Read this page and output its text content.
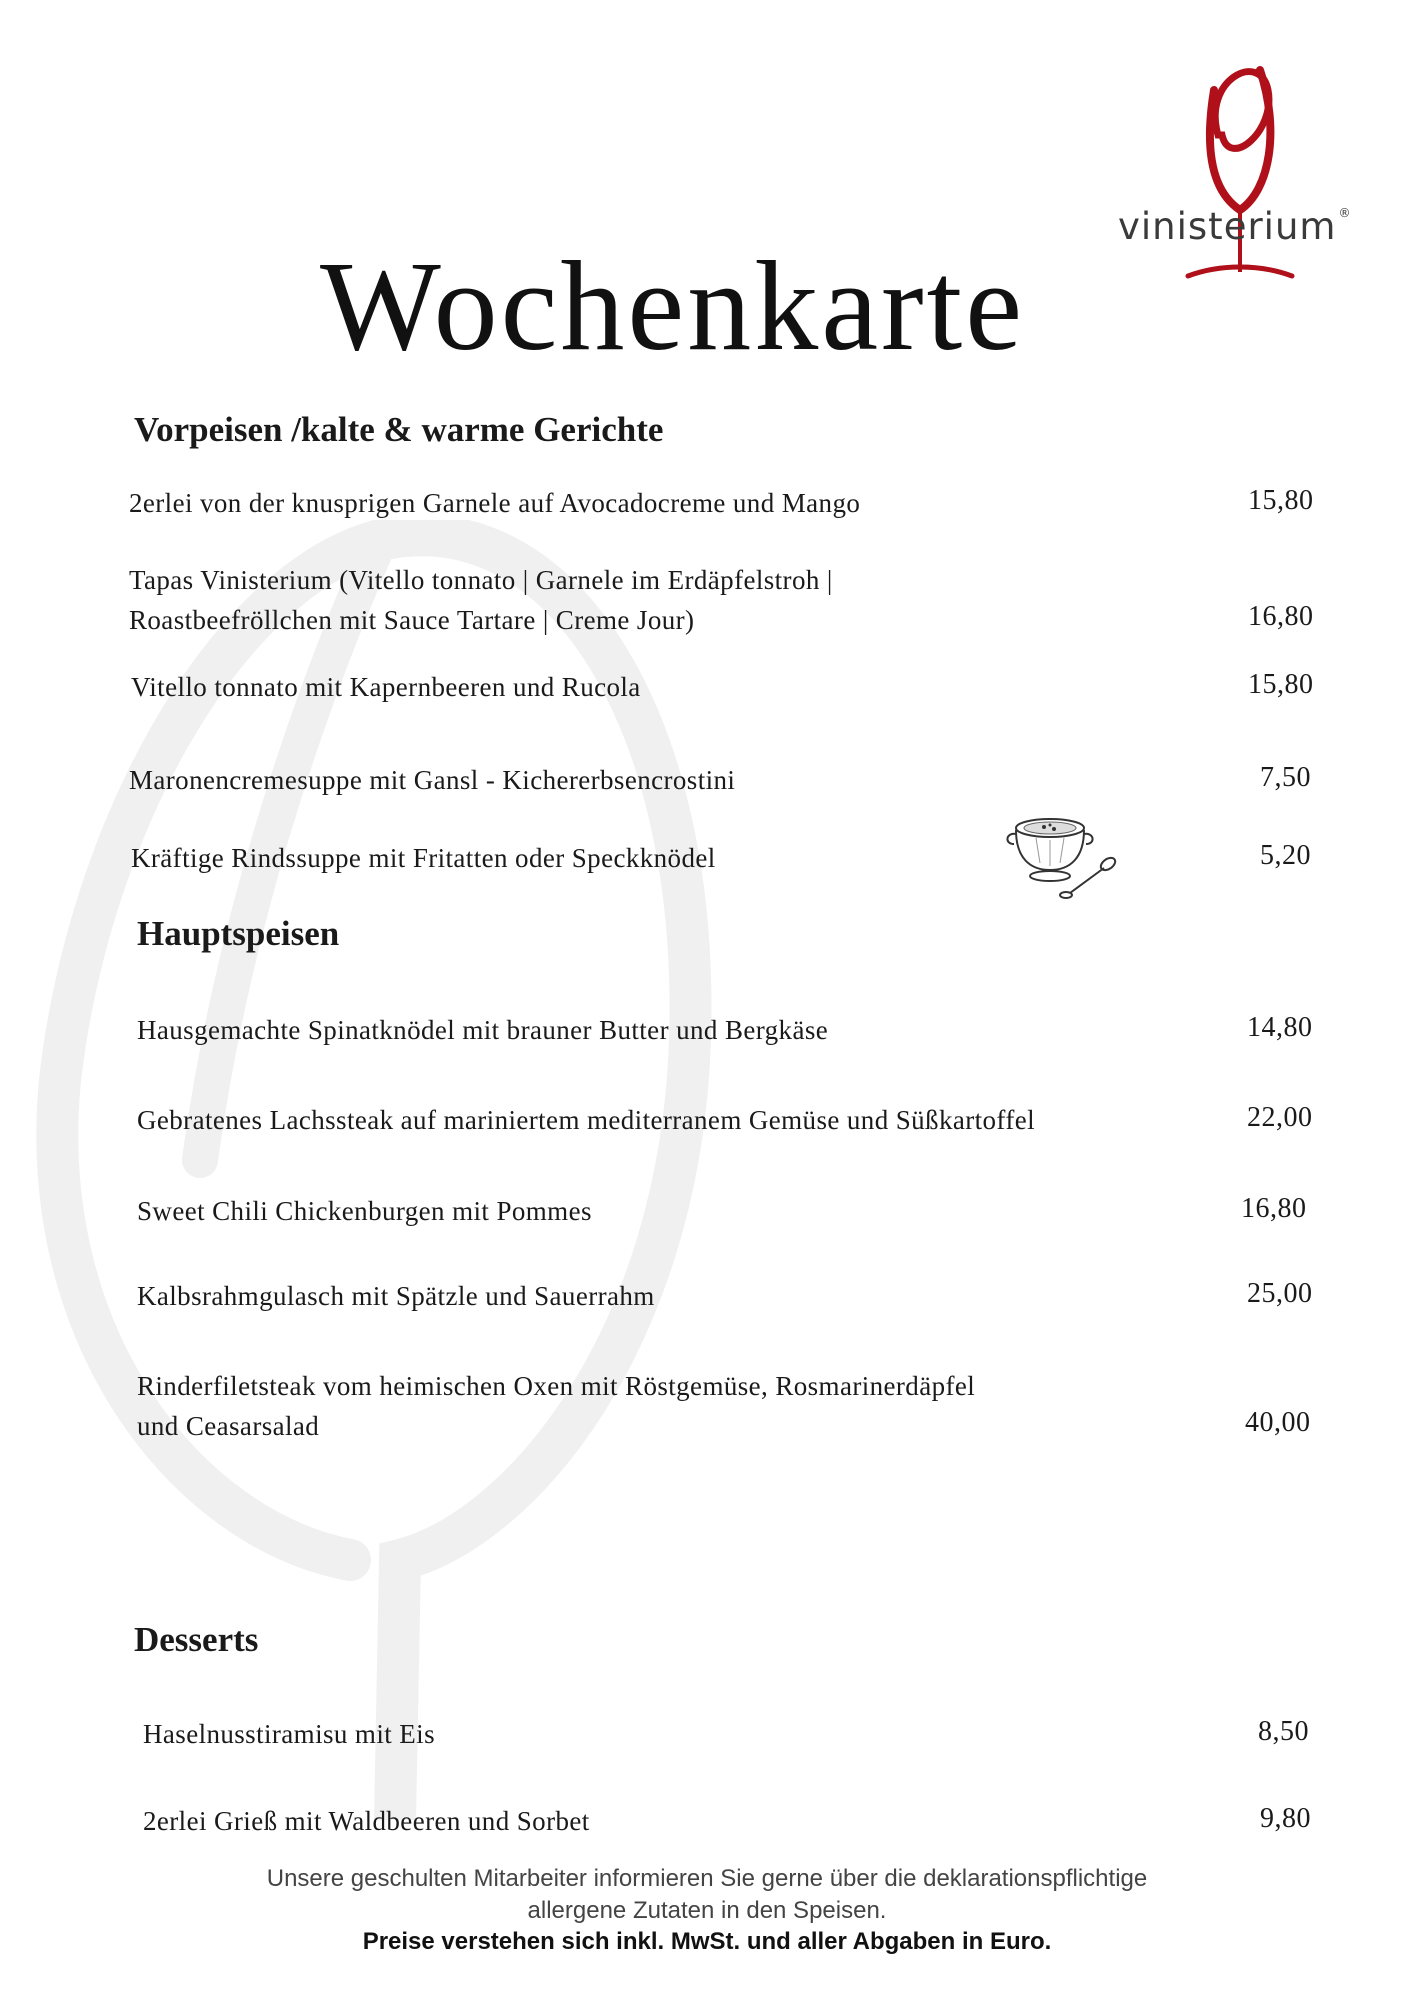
vinisterium ®
Wochenkarte
Vorpeisen /kalte & warme Gerichte
2erlei von der knusprigen Garnele auf Avocadocreme und Mango	15,80
Tapas Vinisterium (Vitello tonnato | Garnele im Erdäpfelstroh |
Roastbeefröllchen mit Sauce Tartare | Creme Jour)	16,80
Vitello tonnato mit Kapernbeeren und Rucola	15,80
Maronencremesuppe mit Gansl - Kichererbsencrostini	7,50
Kräftige Rindssuppe mit Fritatten oder Speckknödel	5,20
Hauptspeisen
Hausgemachte Spinatknödel mit brauner Butter und Bergkäse	14,80
Gebratenes Lachssteak auf mariniertem mediterranem Gemüse und Süßkartoffel	22,00
Sweet Chili Chickenburgen mit Pommes	16,80
Kalbsrahmgulasch mit Spätzle und Sauerrahm	25,00
Rinderfiletsteak vom heimischen Oxen mit Röstgemüse, Rosmarinerdäpfel
und Ceasarsalad	40,00
Desserts
Haselnusstiramisu mit Eis	8,50
2erlei Grieß mit Waldbeeren und Sorbet	9,80
Unsere geschulten Mitarbeiter informieren Sie gerne über die deklarationspflichtige
allergene Zutaten in den Speisen.
Preise verstehen sich inkl. MwSt. und aller Abgaben in Euro.
